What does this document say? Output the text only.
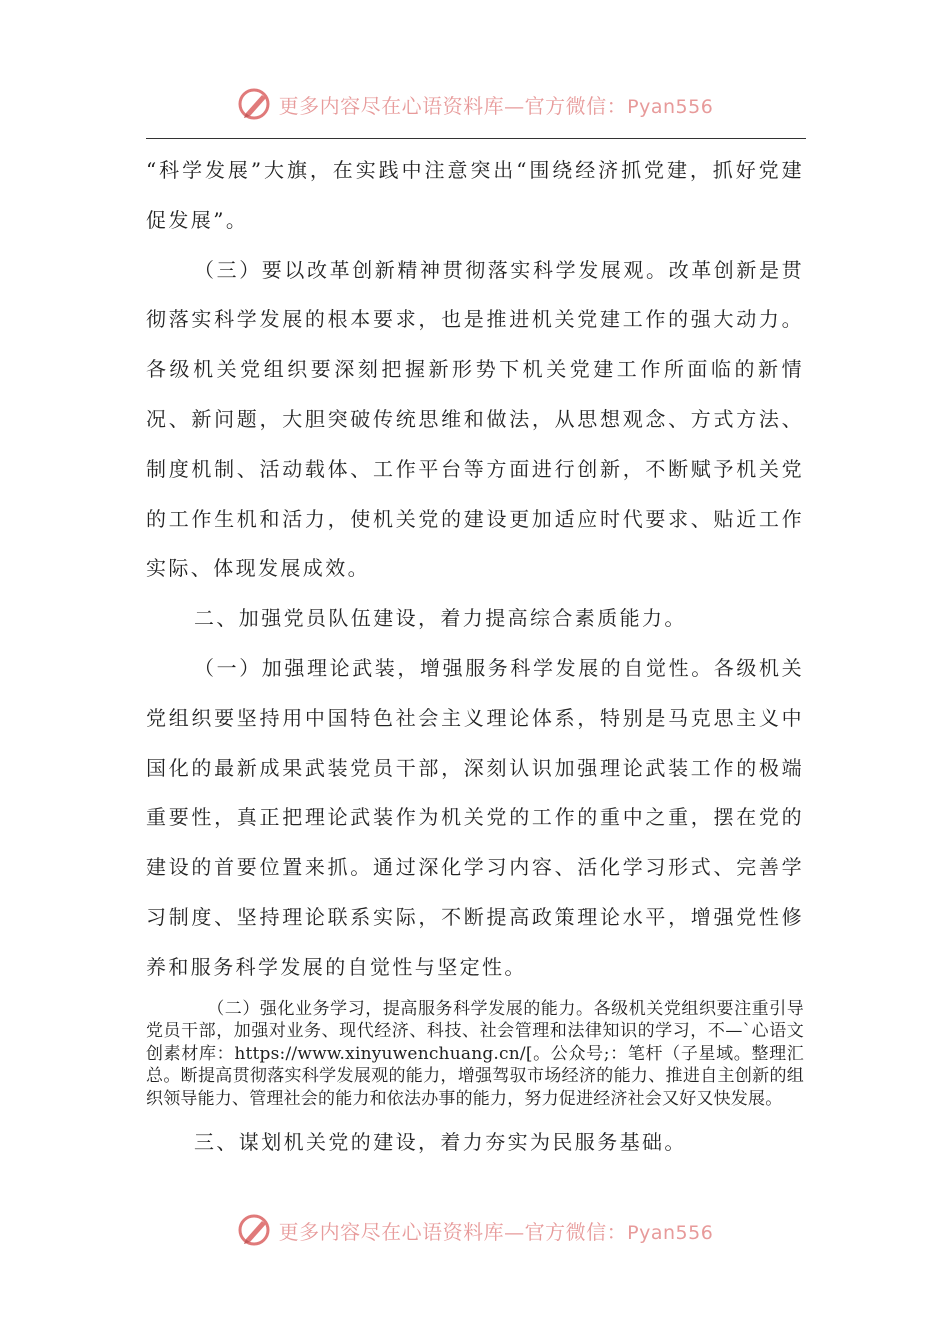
更多内容尽在心语资料库—官方微信：Pyan556

“科学发展”大旗，在实践中注意突出“围绕经济抓党建，抓好党建促发展”。

（三）要以改革创新精神贯彻落实科学发展观。改革创新是贯彻落实科学发展的根本要求，也是推进机关党建工作的强大动力。各级机关党组织要深刻把握新形势下机关党建工作所面临的新情况、新问题，大胆突破传统思维和做法，从思想观念、方式方法、制度机制、活动载体、工作平台等方面进行创新，不断赋予机关党的工作生机和活力，使机关党的建设更加适应时代要求、贴近工作实际、体现发展成效。

二、加强党员队伍建设，着力提高综合素质能力。

（一）加强理论武装，增强服务科学发展的自觉性。各级机关党组织要坚持用中国特色社会主义理论体系，特别是马克思主义中国化的最新成果武装党员干部，深刻认识加强理论武装工作的极端重要性，真正把理论武装作为机关党的工作的重中之重，摆在党的建设的首要位置来抓。通过深化学习内容、活化学习形式、完善学习制度、坚持理论联系实际，不断提高政策理论水平，增强党性修养和服务科学发展的自觉性与坚定性。

（二）强化业务学习，提高服务科学发展的能力。各级机关党组织要注重引导党员干部，加强对业务、现代经济、科技、社会管理和法律知识的学习，不—`心语文创素材库：https://www.xinyuwenchuang.cn/[。公众号;：笔杆（子星域。整理汇总。断提高贯彻落实科学发展观的能力，增强驾驭市场经济的能力、推进自主创新的组织领导能力、管理社会的能力和依法办事的能力，努力促进经济社会又好又快发展。

三、谋划机关党的建设，着力夯实为民服务基础。

更多内容尽在心语资料库—官方微信：Pyan556
